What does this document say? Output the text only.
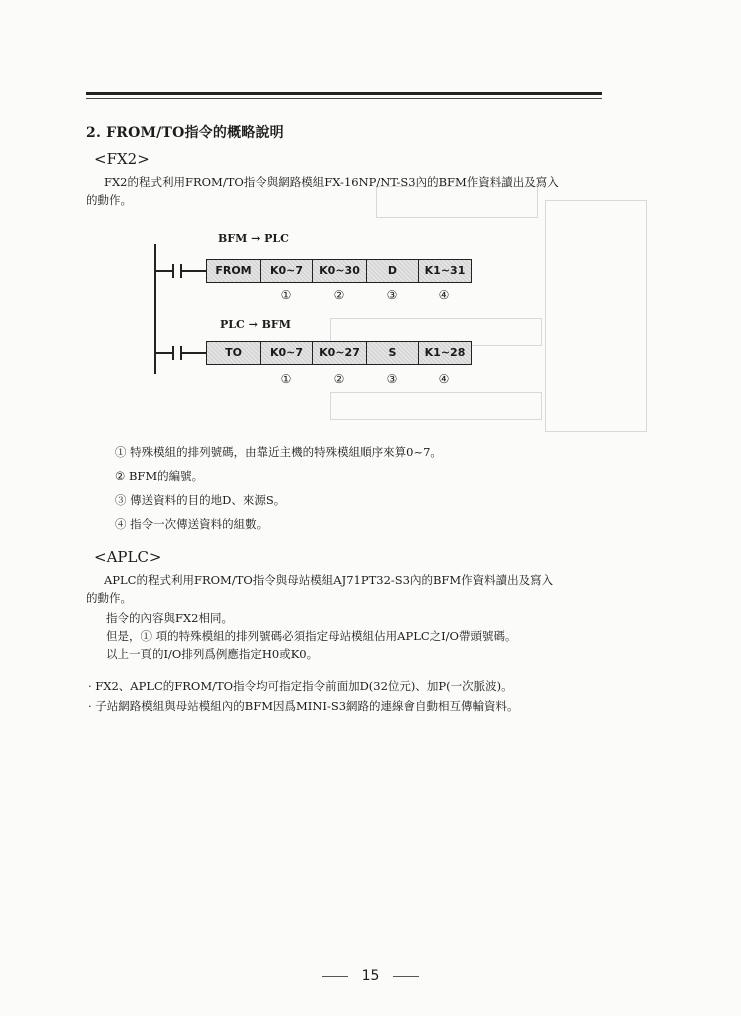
2. FROM/TO指令的概略說明
<FX2>
FX2的程式利用FROM/TO指令與網路模組FX-16NP/NT-S3內的BFM作資料讀出及寫入
的動作。
BFM → PLC
FROM	K0~7	K0~30	D	K1~31
①	②	③	④
PLC → BFM
TO	K0~7	K0~27	S	K1~28
①	②	③	④
① 特殊模組的排列號碼，由靠近主機的特殊模組順序來算0~7。
② BFM的編號。
③ 傳送資料的目的地D、來源S。
④ 指令一次傳送資料的組數。
<APLC>
APLC的程式利用FROM/TO指令與母站模組AJ71PT32-S3內的BFM作資料讀出及寫入
的動作。
指令的內容與FX2相同。
但是，① 項的特殊模組的排列號碼必須指定母站模組佔用APLC之I/O帶頭號碼。
以上一頁的I/O排列爲例應指定H0或K0。
· FX2、APLC的FROM/TO指令均可指定指令前面加D(32位元)、加P(一次脈波)。
· 子站網路模組與母站模組內的BFM因爲MINI-S3網路的連線會自動相互傳輸資料。
15
